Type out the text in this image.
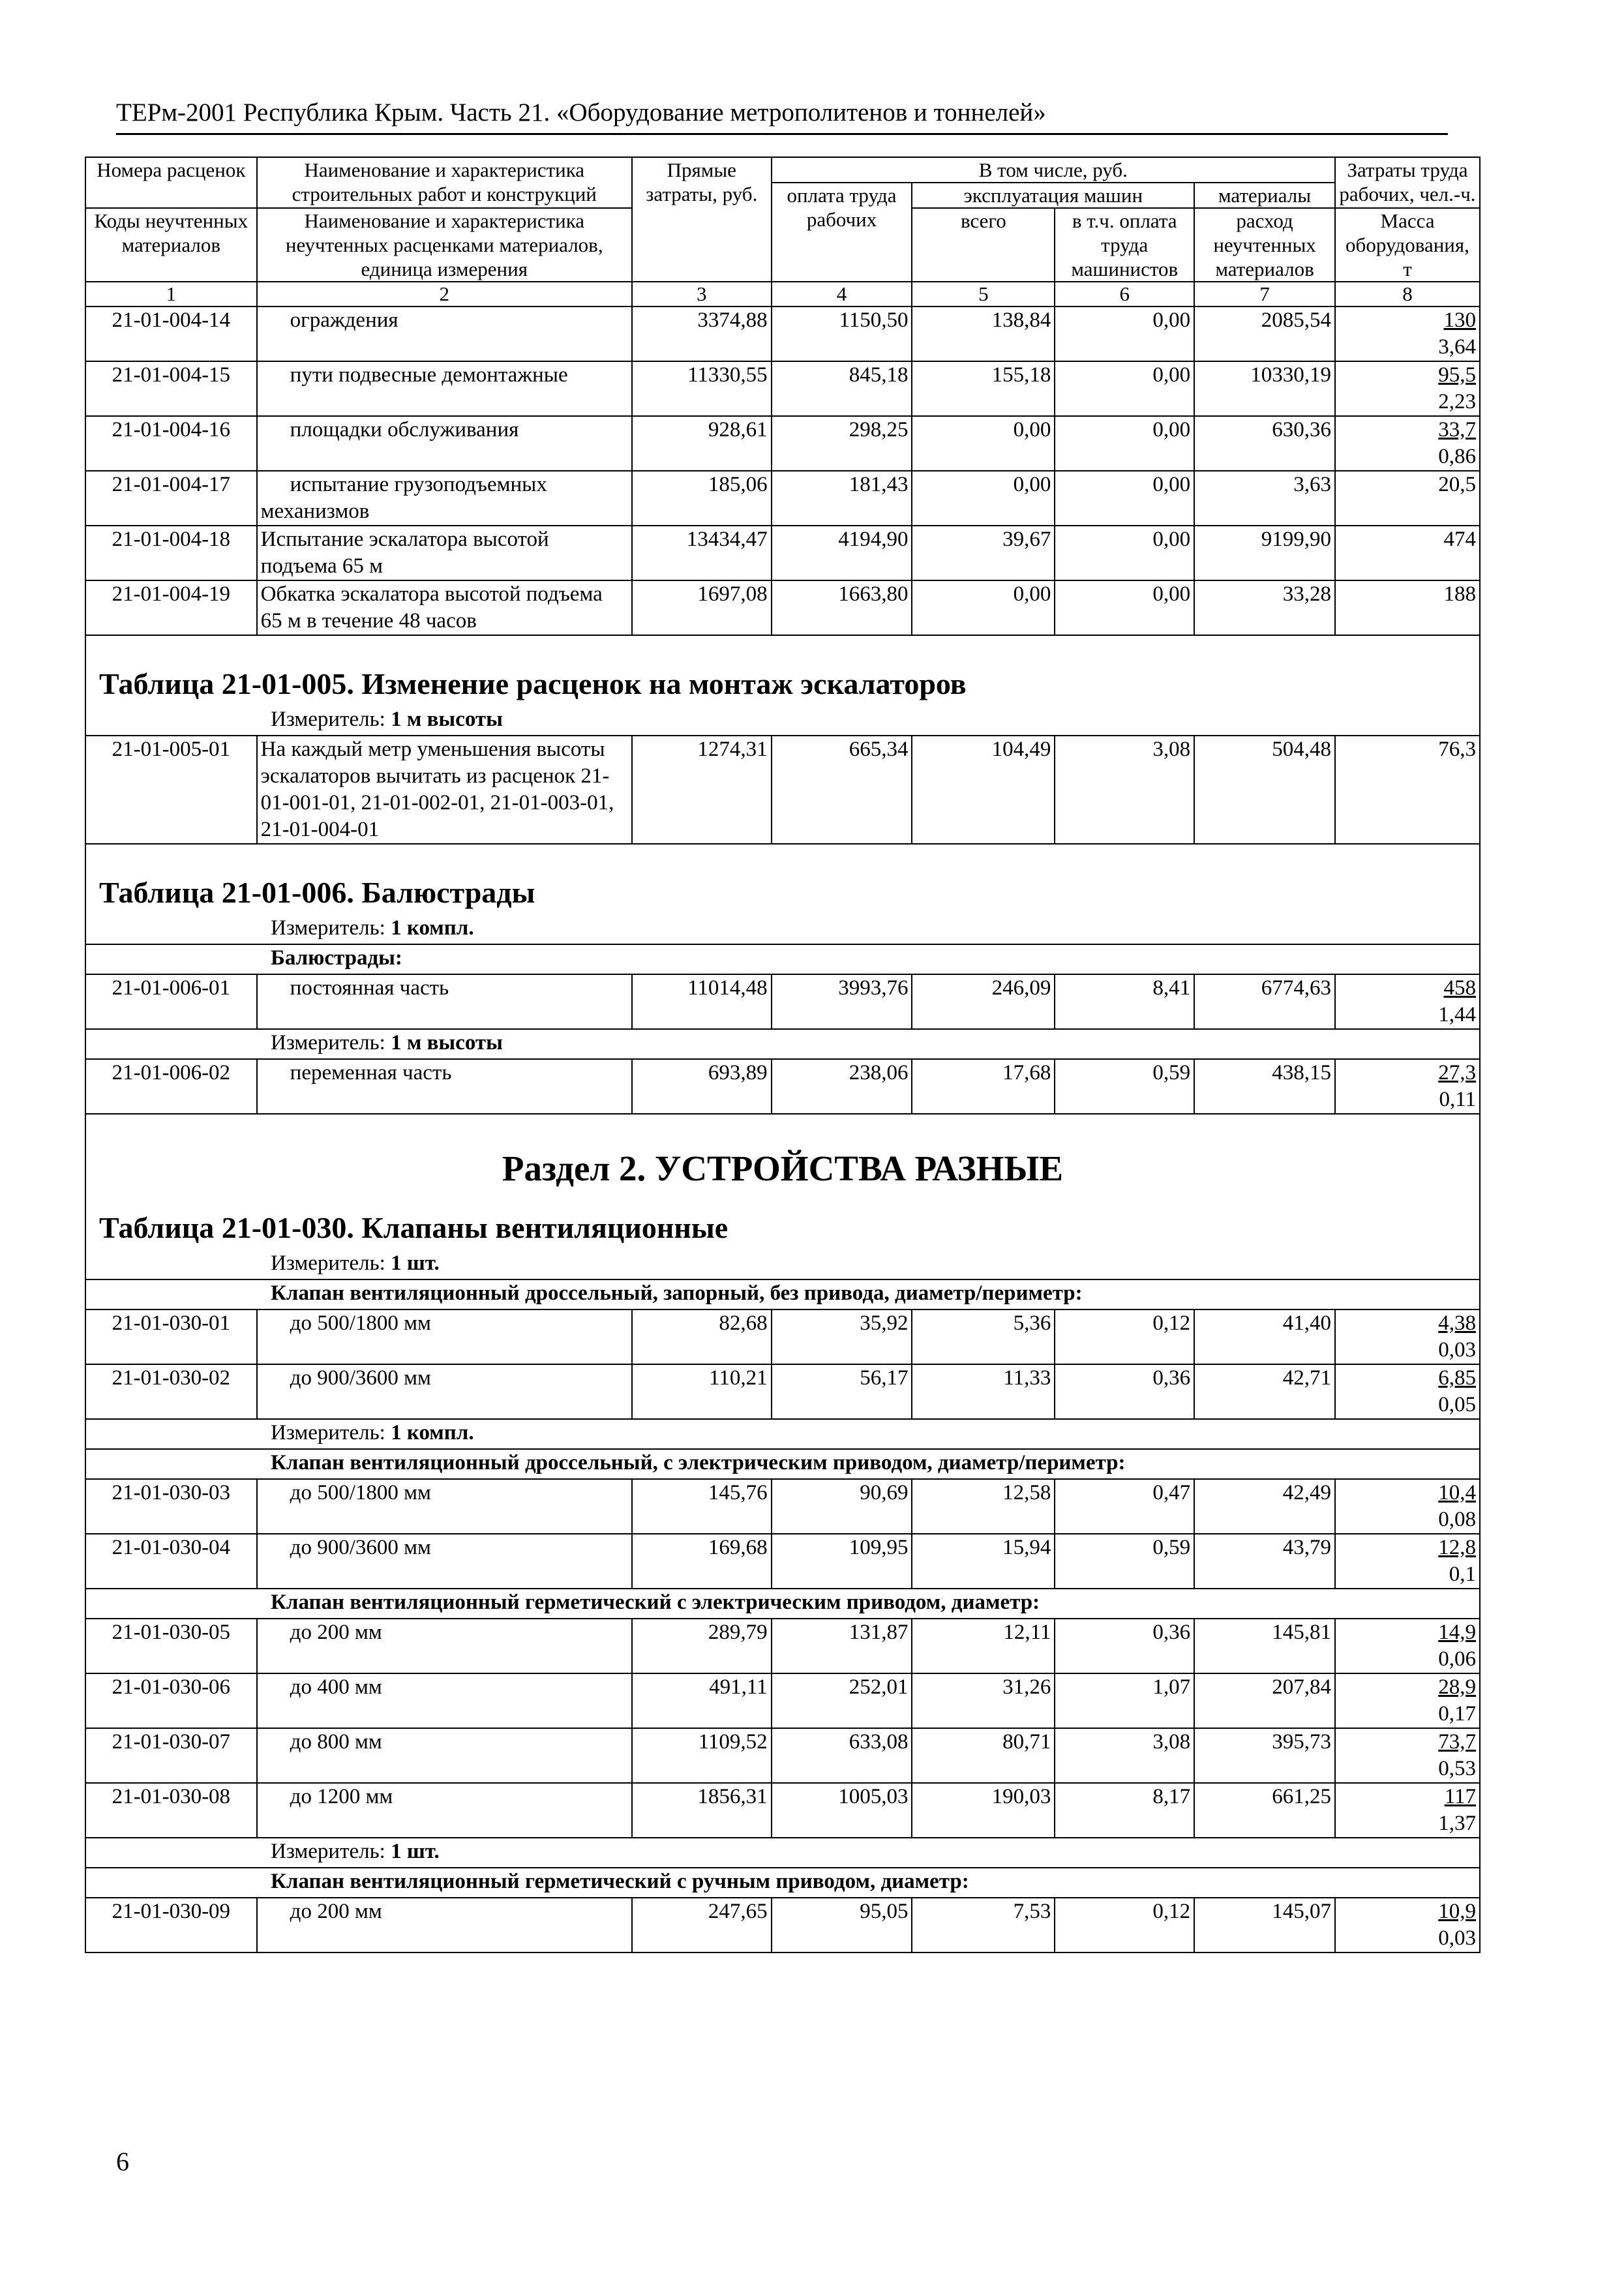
ТЕРм-2001 Республика Крым. Часть 21. «Оборудование метрополитенов и тоннелей»
Номера расценок	Наименование и характеристика строительных работ и конструкций	Прямые затраты, руб.	В том числе, руб.				Затраты труда рабочих, чел.-ч.
			оплата труда рабочих	эксплуатация машин		материалы	
				всего	в т.ч. оплата труда машинистов	расход неучтенных материалов	
Коды неучтенных материалов	Наименование и характеристика неучтенных расценками материалов, единица измерения						

							Масса оборудования, т
1	2	3	4	5	6	7	8
21-01-004-14	ограждения	3374,88	1150,50	138,84	0,00	2085,54	130
3,64

21-01-004-15	пути подвесные демонтажные	11330,55	845,18	155,18	0,00	10330,19	95,5
2,23

21-01-004-16	площадки обслуживания	928,61	298,25	0,00	0,00	630,36	33,7
0,86

21-01-004-17	испытание грузоподъемных механизмов	185,06	181,43	0,00	0,00	3,63	20,5
21-01-004-18	Испытание эскалатора высотой подъема 65 м	13434,47	4194,90	39,67	0,00	9199,90	474
21-01-004-19	Обкатка эскалатора высотой подъема 65 м в течение 48 часов	1697,08	1663,80	0,00	0,00	33,28	188

Таблица 21-01-005. Изменение расценок на монтаж эскалаторов							

Измеритель: 1 м высоты							
21-01-005-01	На каждый метр уменьшения высоты эскалаторов вычитать из расценок 21-01-001-01, 21-01-002-01, 21-01-003-01, 21-01-004-01	1274,31	665,34	104,49	3,08	504,48	76,3

Таблица 21-01-006. Балюстрады							

Измеритель: 1 компл.							
Балюстрады:							
21-01-006-01	постоянная часть	11014,48	3993,76	246,09	8,41	6774,63	458
1,44

Измеритель: 1 м высоты							
21-01-006-02	переменная часть	693,89	238,06	17,68	0,59	438,15	27,3
0,11

Раздел 2. УСТРОЙСТВА РАЗНЫЕ
Таблица 21-01-030. Клапаны вентиляционные							

Измеритель: 1 шт.							
Клапан вентиляционный дроссельный, запорный, без привода, диаметр/периметр:							
21-01-030-01	до 500/1800 мм	82,68	35,92	5,36	0,12	41,40	4,38
0,03

21-01-030-02	до 900/3600 мм	110,21	56,17	11,33	0,36	42,71	6,85
0,05

Измеритель: 1 компл.							
Клапан вентиляционный дроссельный, с электрическим приводом, диаметр/периметр:							
21-01-030-03	до 500/1800 мм	145,76	90,69	12,58	0,47	42,49	10,4
0,08

21-01-030-04	до 900/3600 мм	169,68	109,95	15,94	0,59	43,79	12,8
0,1

Клапан вентиляционный герметический с электрическим приводом, диаметр:							
21-01-030-05	до 200 мм	289,79	131,87	12,11	0,36	145,81	14,9
0,06

21-01-030-06	до 400 мм	491,11	252,01	31,26	1,07	207,84	28,9
0,17

21-01-030-07	до 800 мм	1109,52	633,08	80,71	3,08	395,73	73,7
0,53

21-01-030-08	до 1200 мм	1856,31	1005,03	190,03	8,17	661,25	117
1,37

Измеритель: 1 шт.							
Клапан вентиляционный герметический с ручным приводом, диаметр:							
21-01-030-09	до 200 мм	247,65	95,05	7,53	0,12	145,07	10,9
0,03
6
